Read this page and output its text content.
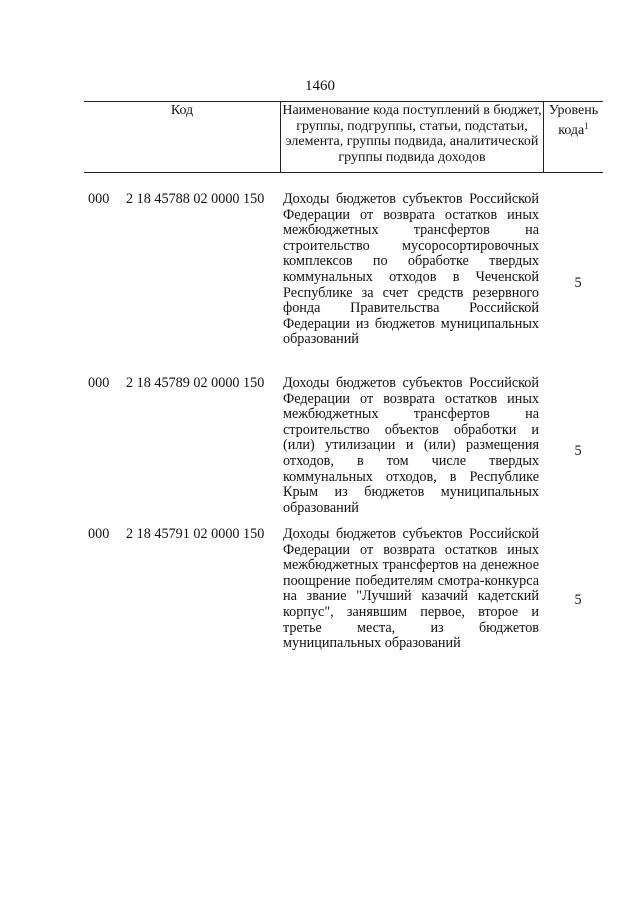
1460
Код	Наименование кода поступлений в бюджет, группы, подгруппы, статьи, подстатьи, элемента, группы подвида, аналитической группы подвида доходов
Уровень кода$^1$
000 2 18 45788 02 0000 150 Доходы бюджетов субъектов Российской Федерации от возврата остатков иных межбюджетных трансфертов на строительство мусоросортировочных комплексов по обработке твердых коммунальных отходов в Чеченской Республике за счет средств резервного фонда Правительства Российской Федерации из бюджетов муниципальных образований
5
000 2 18 45789 02 0000 150 Доходы бюджетов субъектов Российской Федерации от возврата остатков иных межбюджетных трансфертов на строительство объектов обработки и (или) утилизации и (или) размещения отходов, в том числе твердых коммунальных отходов, в Республике Крым из бюджетов муниципальных образований
5
000 2 18 45791 02 0000 150 Доходы бюджетов субъектов Российской Федерации от возврата остатков иных межбюджетных трансфертов на денежное поощрение победителям смотра-конкурса на звание "Лучший казачий кадетский корпус", занявшим первое, второе и третье места, из бюджетов муниципальных образований
5
